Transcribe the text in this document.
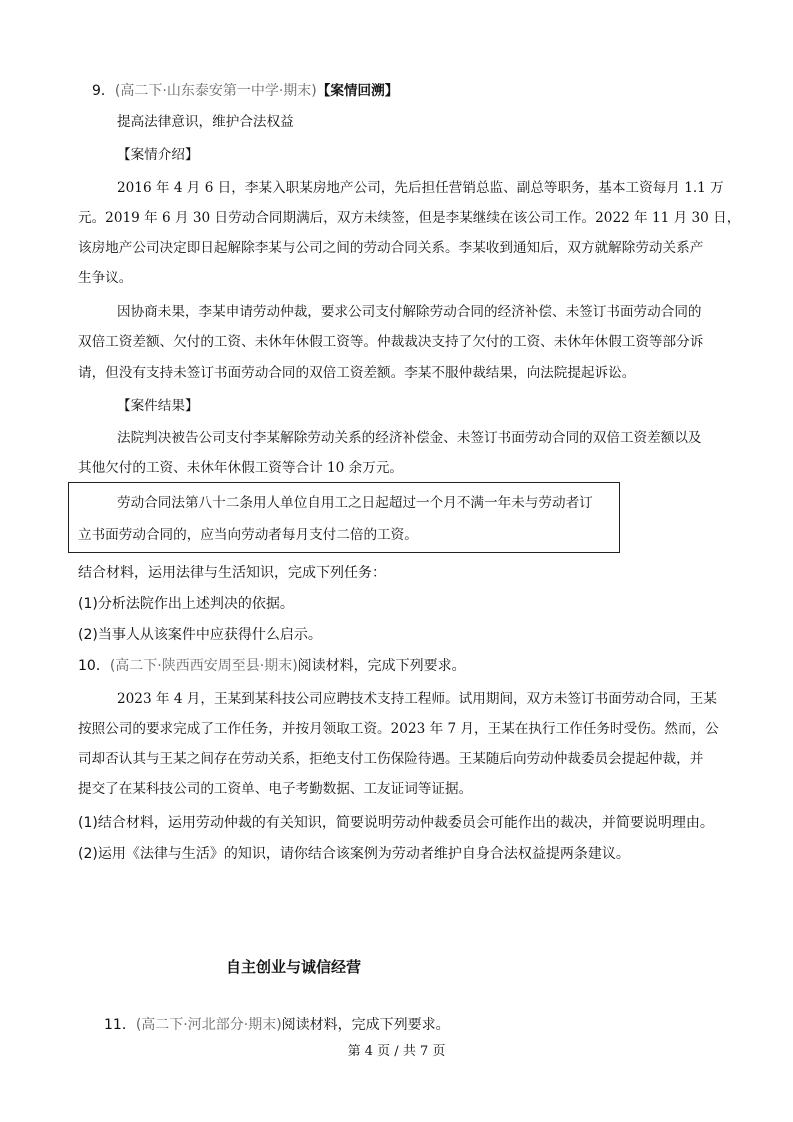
9．(高二下·山东泰安第一中学·期末)【案情回溯】
提高法律意识，维护合法权益
【案情介绍】
2016 年 4 月 6 日，李某入职某房地产公司，先后担任营销总监、副总等职务，基本工资每月 1.1 万
元。2019 年 6 月 30 日劳动合同期满后，双方未续签，但是李某继续在该公司工作。2022 年 11 月 30 日，
该房地产公司决定即日起解除李某与公司之间的劳动合同关系。李某收到通知后，双方就解除劳动关系产
生争议。
因协商未果，李某申请劳动仲裁，要求公司支付解除劳动合同的经济补偿、未签订书面劳动合同的
双倍工资差额、欠付的工资、未休年休假工资等。仲裁裁决支持了欠付的工资、未休年休假工资等部分诉
请，但没有支持未签订书面劳动合同的双倍工资差额。李某不服仲裁结果，向法院提起诉讼。
【案件结果】
法院判决被告公司支付李某解除劳动关系的经济补偿金、未签订书面劳动合同的双倍工资差额以及
其他欠付的工资、未休年休假工资等合计 10 余万元。
劳动合同法第八十二条用人单位自用工之日起超过一个月不满一年未与劳动者订
立书面劳动合同的，应当向劳动者每月支付二倍的工资。
结合材料，运用法律与生活知识，完成下列任务：
(1)分析法院作出上述判决的依据。
(2)当事人从该案件中应获得什么启示。
10．(高二下·陕西西安周至县·期末)阅读材料，完成下列要求。
2023 年 4 月，王某到某科技公司应聘技术支持工程师。试用期间，双方未签订书面劳动合同，王某
按照公司的要求完成了工作任务，并按月领取工资。2023 年 7 月，王某在执行工作任务时受伤。然而，公
司却否认其与王某之间存在劳动关系，拒绝支付工伤保险待遇。王某随后向劳动仲裁委员会提起仲裁，并
提交了在某科技公司的工资单、电子考勤数据、工友证词等证据。
(1)结合材料，运用劳动仲裁的有关知识，简要说明劳动仲裁委员会可能作出的裁决，并简要说明理由。
(2)运用《法律与生活》的知识，请你结合该案例为劳动者维护自身合法权益提两条建议。
自主创业与诚信经营
11．(高二下·河北部分·期末)阅读材料，完成下列要求。
第 4 页 / 共 7 页
